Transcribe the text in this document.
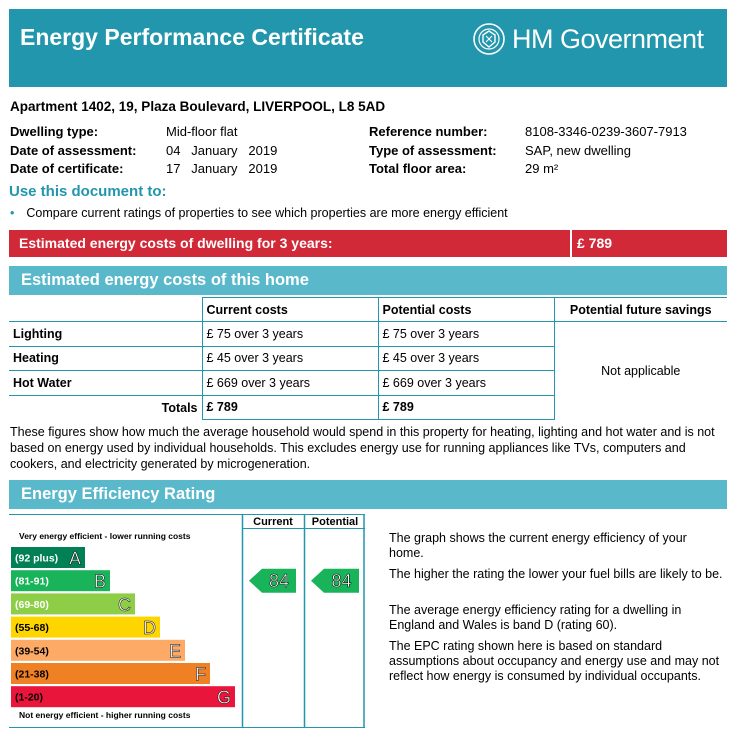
Energy Performance Certificate	HM Government
Apartment 1402, 19, Plaza Boulevard, LIVERPOOL, L8 5AD
Dwelling type:	Mid-floor flat
Date of assessment: 04   January   2019
Date of certificate:	17   January   2019
Reference number:	8108-3346-0239-3607-7913
Type of assessment: SAP, new dwelling
Total floor area:	29 m²
Use this document to:
• Compare current ratings of properties to see which properties are more energy efficient
Estimated energy costs of dwelling for 3 years:	£ 789
Estimated energy costs of this home
	Current costs	Potential costs	Potential future savings
Lighting	£ 75 over 3 years	£ 75 over 3 years	Not applicable
Heating	£ 45 over 3 years	£ 45 over 3 years	
Hot Water	£ 669 over 3 years	£ 669 over 3 years	
Totals	£ 789	£ 789	
These figures show how much the average household would spend in this property for heating, lighting and hot water and is not based on energy used by individual households. This excludes energy use for running appliances like TVs, computers and cookers, and electricity generated by microgeneration.
Energy Efficiency Rating
Current Potential
Very energy efficient - lower running costs
Not energy efficient - higher running costs
(92 plus) A
(81-91)	B
(69-80)	C
(55-68)	D
(39-54)	E
(21-38)	F
(1-20)	G
84 84
The graph shows the current energy efficiency of your home.
The higher the rating the lower your fuel bills are likely to be.
The average energy efficiency rating for a dwelling in England and Wales is band D (rating 60).
The EPC rating shown here is based on standard assumptions about occupancy and energy use and may not reflect how energy is consumed by individual occupants.
